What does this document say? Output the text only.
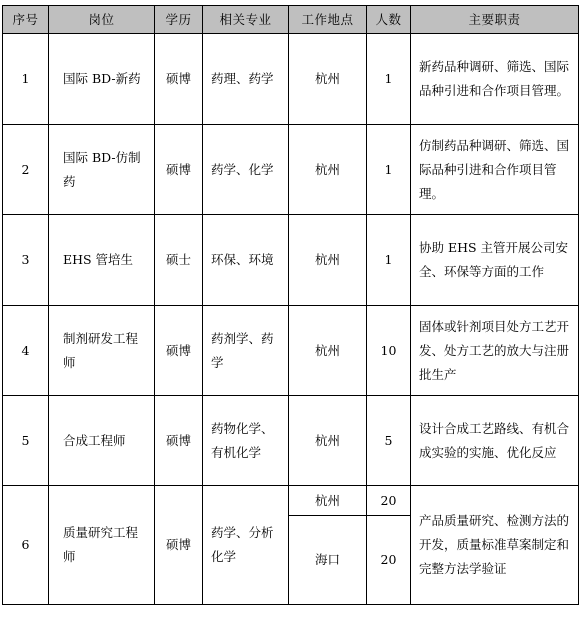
序号	岗位	学历	相关专业	工作地点	人数	主要职责
1	国际 BD-新药	硕博	药理、药学	杭州	1	新药品种调研、筛选、国际品种引进和合作项目管理。
2	国际 BD-仿制药	硕博	药学、化学	杭州	1	仿制药品种调研、筛选、国际品种引进和合作项目管理。
3	EHS 管培生	硕士	环保、环境	杭州	1	协助 EHS 主管开展公司安全、环保等方面的工作
4	制剂研发工程师	硕博	药剂学、药学	杭州	10	固体或针剂项目处方工艺开发、处方工艺的放大与注册批生产
5	合成工程师	硕博	药物化学、有机化学	杭州	5	设计合成工艺路线、有机合成实验的实施、优化反应
6	质量研究工程师	硕博	药学、分析化学	杭州	20	产品质量研究、检测方法的开发，质量标准草案制定和完整方法学验证
				海口	20	
